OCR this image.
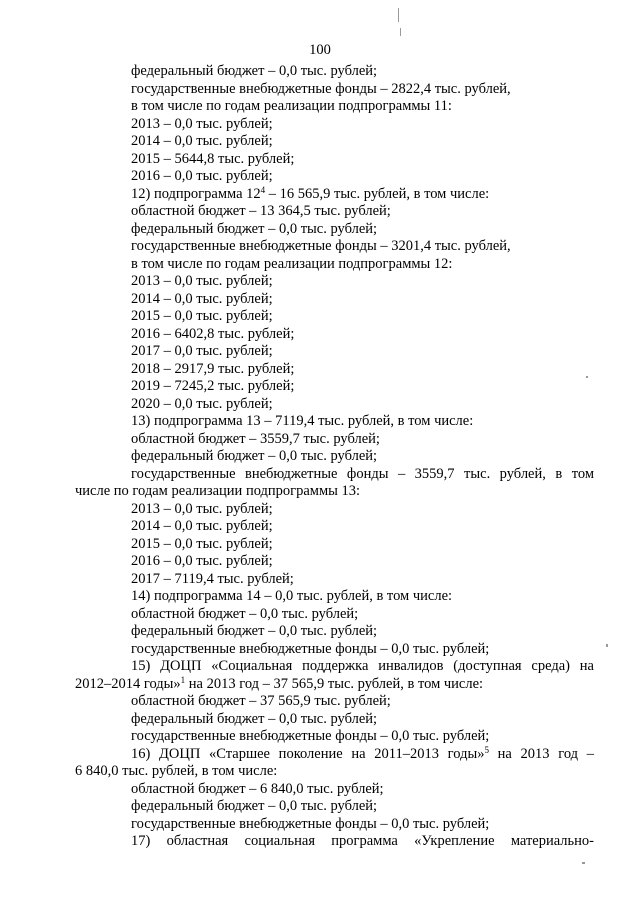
100
федеральный бюджет – 0,0 тыс. рублей;
государственные внебюджетные фонды – 2822,4 тыс. рублей,
в том числе по годам реализации подпрограммы 11:
2013 – 0,0 тыс. рублей;
2014 – 0,0 тыс. рублей;
2015 – 5644,8 тыс. рублей;
2016 – 0,0 тыс. рублей;
12) подпрограмма $12^4 - 16$ 565,9 тыс. рублей, в том числе:
областной бюджет – 13 364,5 тыс. рублей;
федеральный бюджет – 0,0 тыс. рублей;
государственные внебюджетные фонды – 3201,4 тыс. рублей,
в том числе по годам реализации подпрограммы 12:
2013 – 0,0 тыс. рублей;
2014 – 0,0 тыс. рублей;
2015 – 0,0 тыс. рублей;
2016 – 6402,8 тыс. рублей;
2017 – 0,0 тыс. рублей;
2018 – 2917,9 тыс. рублей;
2019 – 7245,2 тыс. рублей;
2020 – 0,0 тыс. рублей;
13) подпрограмма 13 – 7119,4 тыс. рублей, в том числе:
областной бюджет – 3559,7 тыс. рублей;
федеральный бюджет – 0,0 тыс. рублей;
государственные внебюджетные фонды – 3559,7 тыс. рублей, в том
числе по годам реализации подпрограммы 13:
2013 – 0,0 тыс. рублей;
2014 – 0,0 тыс. рублей;
2015 – 0,0 тыс. рублей;
2016 – 0,0 тыс. рублей;
2017 – 7119,4 тыс. рублей;
14) подпрограмма 14 – 0,0 тыс. рублей, в том числе:
областной бюджет – 0,0 тыс. рублей;
федеральный бюджет – 0,0 тыс. рублей;
государственные внебюджетные фонды – 0,0 тыс. рублей;
15) ДОЦП «Социальная поддержка инвалидов (доступная среда) на
2012–2014 годы»$^1$ на 2013 год – 37 565,9 тыс. рублей, в том числе:
областной бюджет – 37 565,9 тыс. рублей;
федеральный бюджет – 0,0 тыс. рублей;
государственные внебюджетные фонды – 0,0 тыс. рублей;
16) ДОЦП «Старшее поколение на 2011–2013 годы»$^5$ на 2013 год –
6 840,0 тыс. рублей, в том числе:
областной бюджет – 6 840,0 тыс. рублей;
федеральный бюджет – 0,0 тыс. рублей;
государственные внебюджетные фонды – 0,0 тыс. рублей;
17) областная социальная программа «Укрепление материально-
